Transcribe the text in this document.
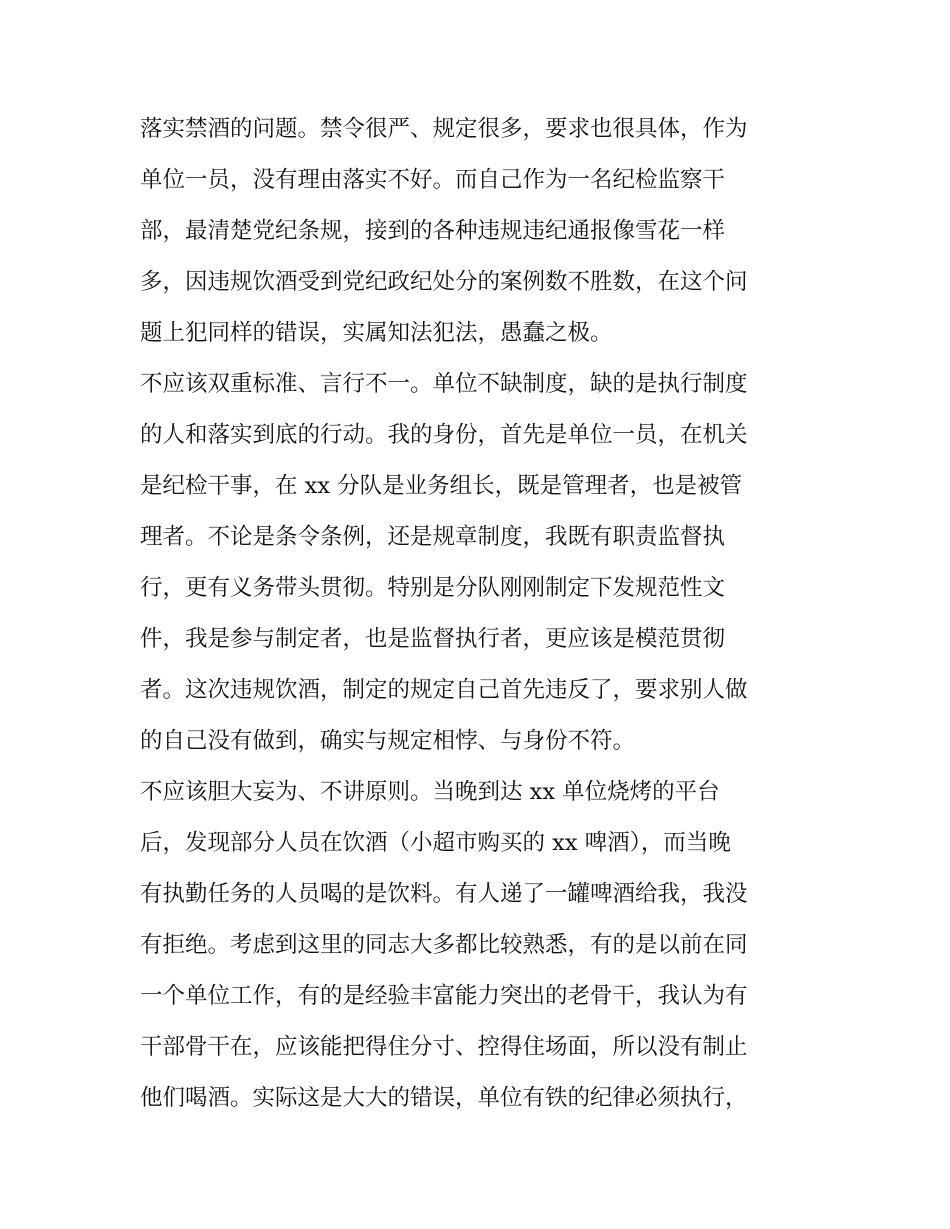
落实禁酒的问题。禁令很严、规定很多，要求也很具体，作为
单位一员，没有理由落实不好。而自己作为一名纪检监察干
部，最清楚党纪条规，接到的各种违规违纪通报像雪花一样
多，因违规饮酒受到党纪政纪处分的案例数不胜数，在这个问
题上犯同样的错误，实属知法犯法，愚蠢之极。
不应该双重标准、言行不一。单位不缺制度，缺的是执行制度
的人和落实到底的行动。我的身份，首先是单位一员，在机关
是纪检干事，在 xx 分队是业务组长，既是管理者，也是被管
理者。不论是条令条例，还是规章制度，我既有职责监督执
行，更有义务带头贯彻。特别是分队刚刚制定下发规范性文
件，我是参与制定者，也是监督执行者，更应该是模范贯彻
者。这次违规饮酒，制定的规定自己首先违反了，要求别人做
的自己没有做到，确实与规定相悖、与身份不符。
不应该胆大妄为、不讲原则。当晚到达 xx 单位烧烤的平台
后，发现部分人员在饮酒（小超市购买的 xx 啤酒），而当晚
有执勤任务的人员喝的是饮料。有人递了一罐啤酒给我，我没
有拒绝。考虑到这里的同志大多都比较熟悉，有的是以前在同
一个单位工作，有的是经验丰富能力突出的老骨干，我认为有
干部骨干在，应该能把得住分寸、控得住场面，所以没有制止
他们喝酒。实际这是大大的错误，单位有铁的纪律必须执行，
